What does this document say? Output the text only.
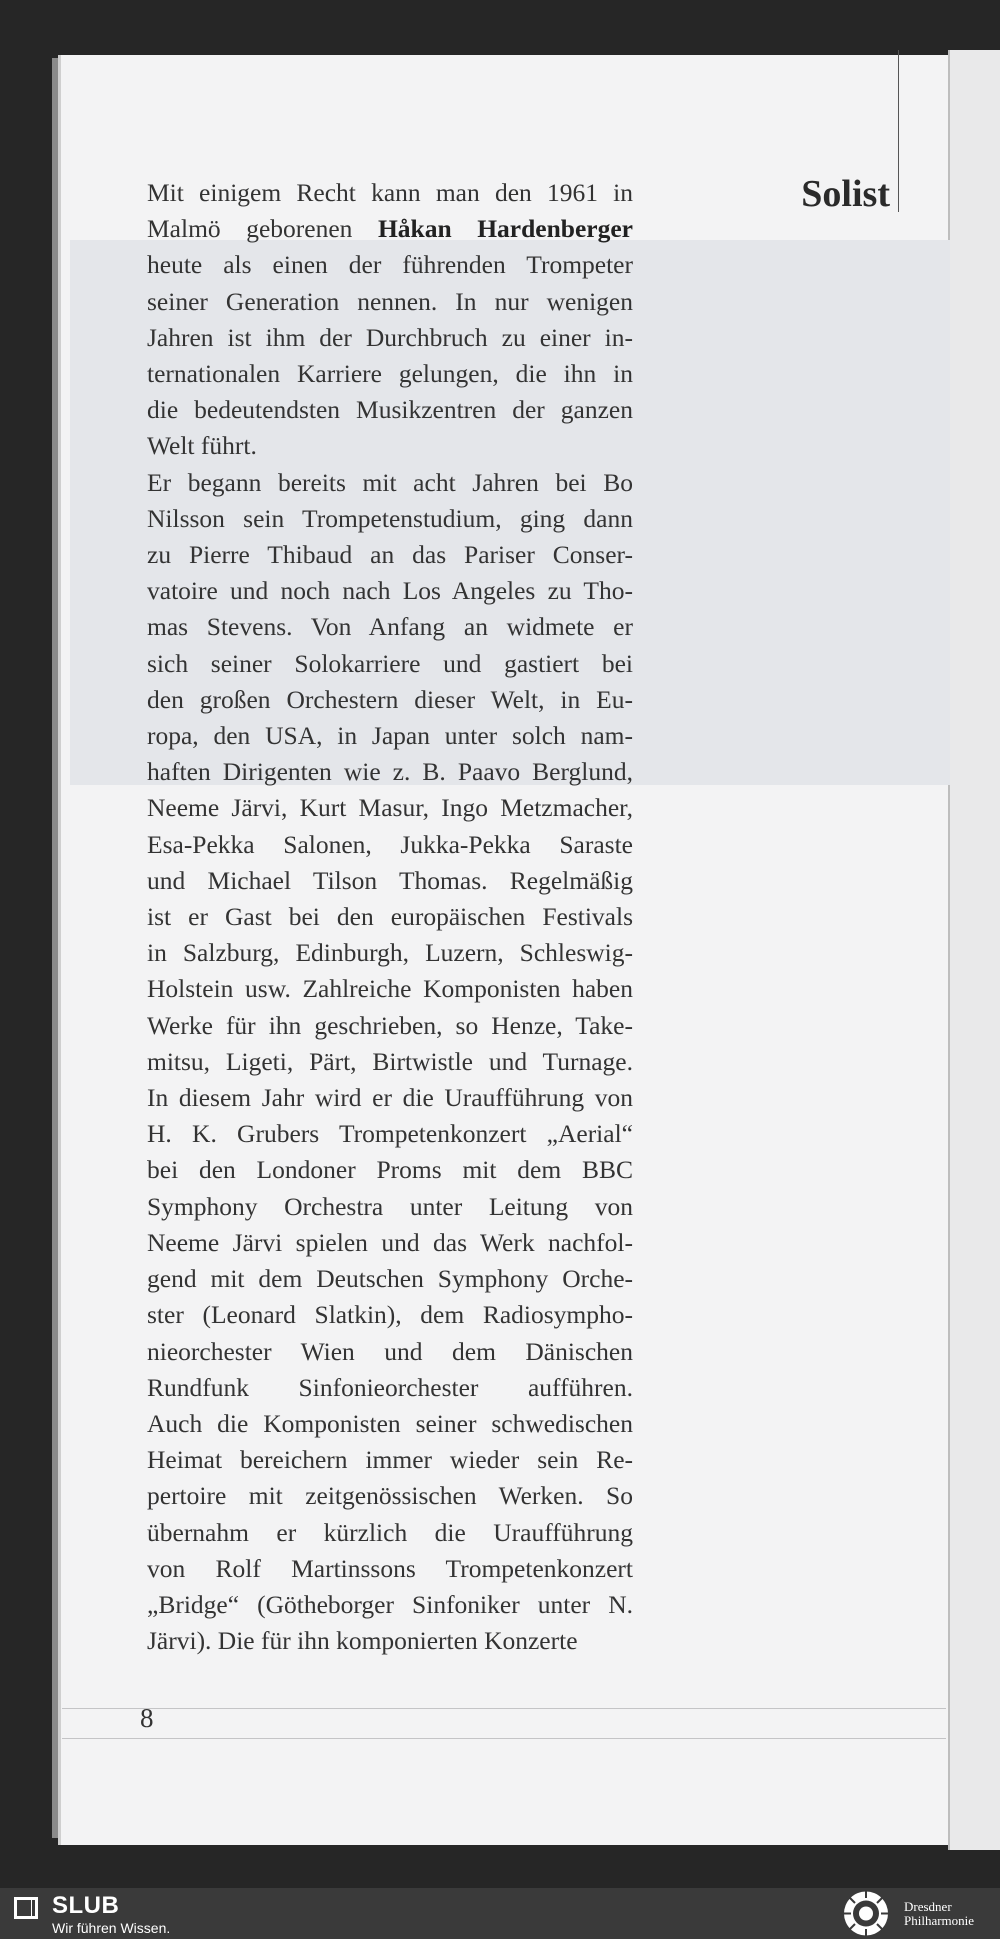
Solist
Mit einigem Recht kann man den 1961 in
Malmö geborenen Håkan Hardenberger
heute als einen der führenden Trompeter
seiner Generation nennen. In nur wenigen
Jahren ist ihm der Durchbruch zu einer in-
ternationalen Karriere gelungen, die ihn in
die bedeutendsten Musikzentren der ganzen
Welt führt.
Er begann bereits mit acht Jahren bei Bo
Nilsson sein Trompetenstudium, ging dann
zu Pierre Thibaud an das Pariser Conser-
vatoire und noch nach Los Angeles zu Tho-
mas Stevens. Von Anfang an widmete er
sich seiner Solokarriere und gastiert bei
den großen Orchestern dieser Welt, in Eu-
ropa, den USA, in Japan unter solch nam-
haften Dirigenten wie z. B. Paavo Berglund,
Neeme Järvi, Kurt Masur, Ingo Metzmacher,
Esa-Pekka Salonen, Jukka-Pekka Saraste
und Michael Tilson Thomas. Regelmäßig
ist er Gast bei den europäischen Festivals
in Salzburg, Edinburgh, Luzern, Schleswig-
Holstein usw. Zahlreiche Komponisten haben
Werke für ihn geschrieben, so Henze, Take-
mitsu, Ligeti, Pärt, Birtwistle und Turnage.
In diesem Jahr wird er die Uraufführung von
H. K. Grubers Trompetenkonzert „Aerial“
bei den Londoner Proms mit dem BBC
Symphony Orchestra unter Leitung von
Neeme Järvi spielen und das Werk nachfol-
gend mit dem Deutschen Symphony Orche-
ster (Leonard Slatkin), dem Radiosympho-
nieorchester Wien und dem Dänischen
Rundfunk Sinfonieorchester aufführen.
Auch die Komponisten seiner schwedischen
Heimat bereichern immer wieder sein Re-
pertoire mit zeitgenössischen Werken. So
übernahm er kürzlich die Uraufführung
von Rolf Martinssons Trompetenkonzert
„Bridge“ (Götheborger Sinfoniker unter N.
Järvi). Die für ihn komponierten Konzerte
8
SLUB
Wir führen Wissen.
Dresdner
Philharmonie
